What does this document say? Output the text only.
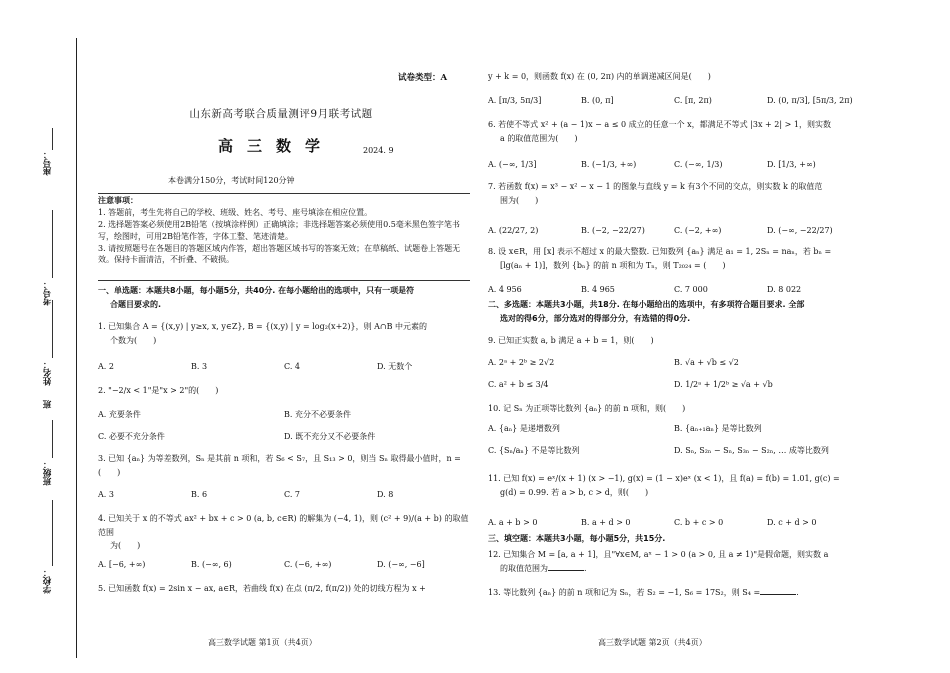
座号：
考号：
姓名：
班
班级：
学校：
试卷类型：A
山东新高考联合质量测评9月联考试题
高三数学	2024. 9
本卷满分150分，考试时间120分钟
注意事项：

1. 答题前，考生先将自己的学校、班级、姓名、考号、座号填涂在相应位置。

2. 选择题答案必须使用2B铅笔（按填涂样例）正确填涂；非选择题答案必须使用0.5毫米黑色签字笔书写，绘图时，可用2B铅笔作答，字体工整、笔迹清楚。

3. 请按照题号在各题目的答题区域内作答，超出答题区域书写的答案无效；在草稿纸、试题卷上答题无效。保持卡面清洁，不折叠、不破损。

一、单选题：本题共8小题，每小题5分，共40分. 在每小题给出的选项中，只有一项是符
合题目要求的.
1. 已知集合 A = {(x,y) | y≥x, x, y∈Z}, B = {(x,y) | y = log₂(x+2)}，则 A∩B 中元素的
个数为(　　)
A. 2	B. 3	C. 4	D. 无数个
2. "−2/x < 1"是"x > 2"的(　　)
A. 充要条件	B. 充分不必要条件
C. 必要不充分条件	D. 既不充分又不必要条件
3. 已知 {aₙ} 为等差数列，Sₙ 是其前 n 项和，若 S₆ < S₇，且 S₁₃ > 0，则当 Sₙ 取得最小值时，n =
(　　)
A. 3	B. 6	C. 7	D. 8
4. 已知关于 x 的不等式 ax² + bx + c > 0 (a, b, c∈R) 的解集为 (−4, 1)，则 (c² + 9)/(a + b) 的取值范围
为(　　)
A. [−6, +∞)	B. (−∞, 6)	C. (−6, +∞)	D. (−∞, −6]
5. 已知函数 f(x) = 2sin x − ax, a∈R，若曲线 f(x) 在点 (π/2, f(π/2)) 处的切线方程为 x +
高三数学试题 第1页（共4页）
y + k = 0，则函数 f(x) 在 (0, 2π) 内的单调递减区间是(　　)
A. [π/3, 5π/3]	B. (0, π]	C. [π, 2π)	D. (0, π/3], [5π/3, 2π)
6. 若使不等式 x² + (a − 1)x − a ≤ 0 成立的任意一个 x，都满足不等式 |3x + 2| > 1，则实数
a 的取值范围为(　　)
A. (−∞, 1/3]	B. (−1/3, +∞)	C. (−∞, 1/3)	D. [1/3, +∞)
7. 若函数 f(x) = x³ − x² − x − 1 的图象与直线 y = k 有3个不同的交点，则实数 k 的取值范
围为(　　)
A. (22/27, 2)	B. (−2, −22/27)	C. (−2, +∞)	D. (−∞, −22/27)
8. 设 x∈R，用 [x] 表示不超过 x 的最大整数. 已知数列 {aₙ} 满足 a₁ = 1, 2Sₙ = naₙ，若 bₙ =
[lg(aₙ + 1)]，数列 {bₙ} 的前 n 项和为 Tₙ，则 T₂₀₂₄ = (　　)
A. 4 956	B. 4 965	C. 7 000	D. 8 022
二、多选题：本题共3小题，共18分. 在每小题给出的选项中，有多项符合题目要求. 全部
选对的得6分，部分选对的得部分分，有选错的得0分.
9. 已知正实数 a, b 满足 a + b = 1，则(　　)
A. 2ᵃ + 2ᵇ ≥ 2√2	B. √a + √b ≤ √2
C. a² + b ≤ 3/4	D. 1/2ᵃ + 1/2ᵇ ≥ √a + √b
10. 记 Sₙ 为正项等比数列 {aₙ} 的前 n 项和，则(　　)
A. {aₙ} 是递增数列	B. {aₙ₊₁aₙ} 是等比数列
C. {Sₙ/aₙ} 不是等比数列	D. Sₙ, S₂ₙ − Sₙ, S₃ₙ − S₂ₙ, … 成等比数列
11. 已知 f(x) = eˣ/(x + 1) (x > −1), g(x) = (1 − x)eˣ (x < 1)，且 f(a) = f(b) = 1.01, g(c) =
g(d) = 0.99. 若 a > b, c > d，则(　　)
A. a + b > 0	B. a + d > 0	C. b + c > 0	D. c + d > 0
三、填空题：本题共3小题，每小题5分，共15分.
12. 已知集合 M = [a, a + 1]，且"∀x∈M, aˣ − 1 > 0 (a > 0, 且 a ≠ 1)"是假命题，则实数 a
的取值范围为	.
13. 等比数列 {aₙ} 的前 n 项和记为 Sₙ，若 S₂ = −1, S₆ = 17S₂，则 S₄ =	.
高三数学试题 第2页（共4页）
